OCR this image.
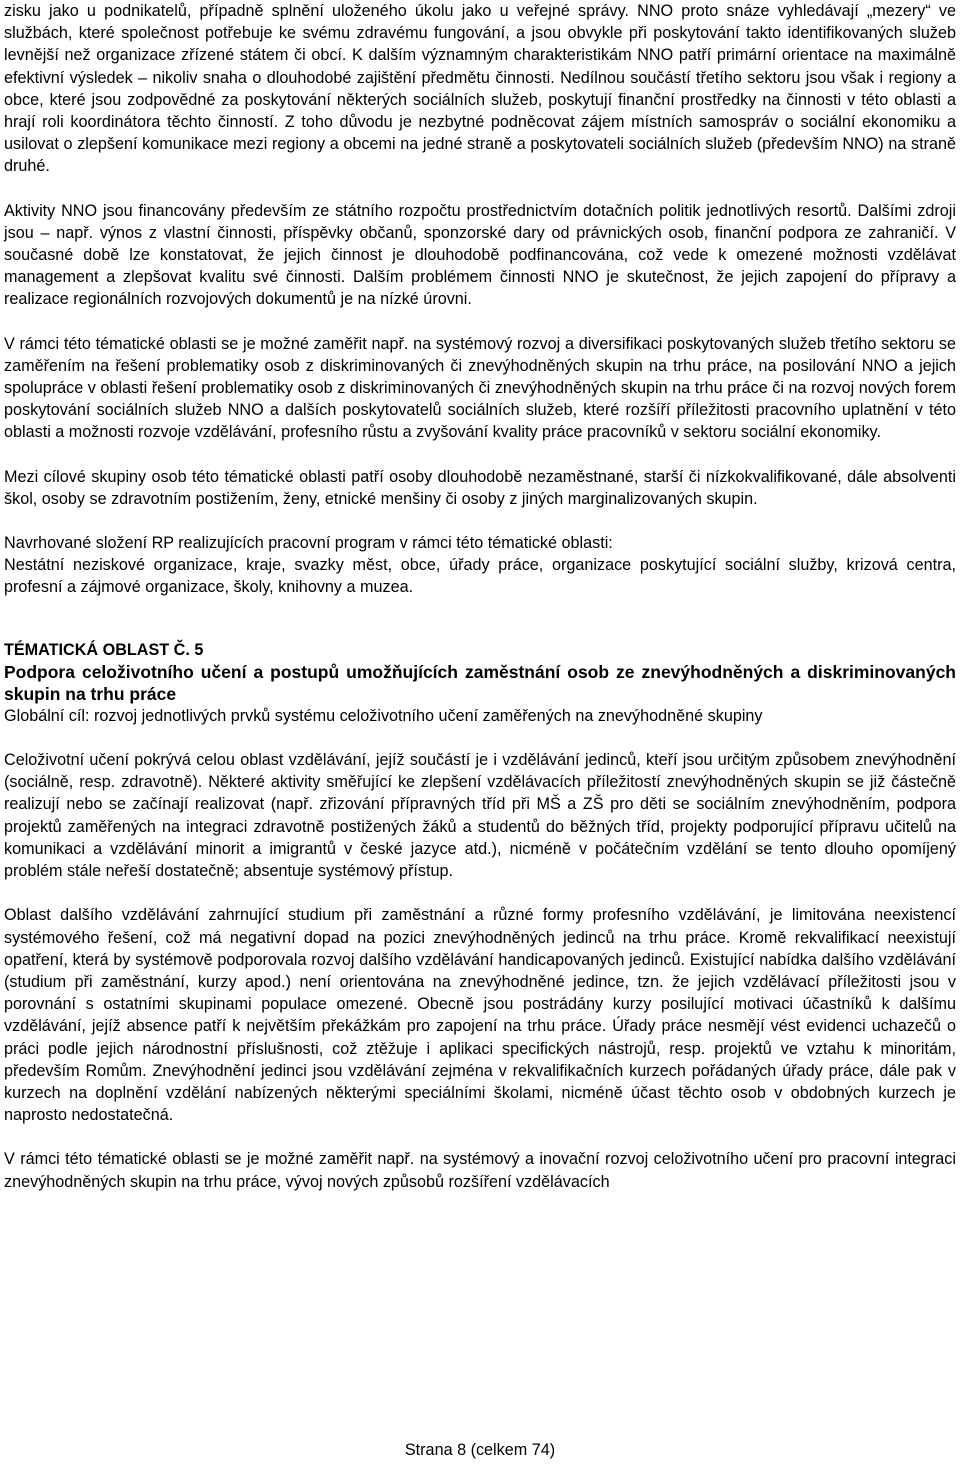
zisku jako u podnikatelů, případně splnění uloženého úkolu jako u veřejné správy. NNO proto snáze vyhledávají „mezery“ ve službách, které společnost potřebuje ke svému zdravému fungování, a jsou obvykle při poskytování takto identifikovaných služeb levnější než organizace zřízené státem či obcí. K dalším významným charakteristikám NNO patří primární orientace na maximálně efektivní výsledek – nikoliv snaha o dlouhodobé zajištění předmětu činnosti. Nedílnou součástí třetího sektoru jsou však i regiony a obce, které jsou zodpovědné za poskytování některých sociálních služeb, poskytují finanční prostředky na činnosti v této oblasti a hrají roli koordinátora těchto činností. Z toho důvodu je nezbytné podněcovat zájem místních samospráv o sociální ekonomiku a usilovat o zlepšení komunikace mezi regiony a obcemi na jedné straně a poskytovateli sociálních služeb (především NNO) na straně druhé.

Aktivity NNO jsou financovány především ze státního rozpočtu prostřednictvím dotačních politik jednotlivých resortů. Dalšími zdroji jsou – např. výnos z vlastní činnosti, příspěvky občanů, sponzorské dary od právnických osob, finanční podpora ze zahraničí. V současné době lze konstatovat, že jejich činnost je dlouhodobě podfinancována, což vede k omezené možnosti vzdělávat management a zlepšovat kvalitu své činnosti. Dalším problémem činnosti NNO je skutečnost, že jejich zapojení do přípravy a realizace regionálních rozvojových dokumentů je na nízké úrovni.

V rámci této tématické oblasti se je možné zaměřit např. na systémový rozvoj a diversifikaci poskytovaných služeb třetího sektoru se zaměřením na řešení problematiky osob z diskriminovaných či znevýhodněných skupin na trhu práce, na posilování NNO a jejich spolupráce v oblasti řešení problematiky osob z diskriminovaných či znevýhodněných skupin na trhu práce či na rozvoj nových forem poskytování sociálních služeb NNO a dalších poskytovatelů sociálních služeb, které rozšíří příležitosti pracovního uplatnění v této oblasti a možnosti rozvoje vzdělávání, profesního růstu a zvyšování kvality práce pracovníků v sektoru sociální ekonomiky.

Mezi cílové skupiny osob této tématické oblasti patří osoby dlouhodobě nezaměstnané, starší či nízkokvalifikované, dále absolventi škol, osoby se zdravotním postižením, ženy, etnické menšiny či osoby z jiných marginalizovaných skupin.

Navrhované složení RP realizujících pracovní program v rámci této tématické oblasti:

Nestátní neziskové organizace, kraje, svazky měst, obce, úřady práce, organizace poskytující sociální služby, krizová centra, profesní a zájmové organizace, školy, knihovny a muzea.

TÉMATICKÁ OBLAST Č. 5

Podpora celoživotního učení a postupů umožňujících zaměstnání osob ze znevýhodněných a diskriminovaných skupin na trhu práce

Globální cíl: rozvoj jednotlivých prvků systému celoživotního učení zaměřených na znevýhodněné skupiny

Celoživotní učení pokrývá celou oblast vzdělávání, jejíž součástí je i vzdělávání jedinců, kteří jsou určitým způsobem znevýhodnění (sociálně, resp. zdravotně). Některé aktivity směřující ke zlepšení vzdělávacích příležitostí znevýhodněných skupin se již částečně realizují nebo se začínají realizovat (např. zřizování přípravných tříd při MŠ a ZŠ pro děti se sociálním znevýhodněním, podpora projektů zaměřených na integraci zdravotně postižených žáků a studentů do běžných tříd, projekty podporující přípravu učitelů na komunikaci a vzdělávání minorit a imigrantů v české jazyce atd.), nicméně v počátečním vzdělání se tento dlouho opomíjený problém stále neřeší dostatečně; absentuje systémový přístup.

Oblast dalšího vzdělávání zahrnující studium při zaměstnání a různé formy profesního vzdělávání, je limitována neexistencí systémového řešení, což má negativní dopad na pozici znevýhodněných jedinců na trhu práce. Kromě rekvalifikací neexistují opatření, která by systémově podporovala rozvoj dalšího vzdělávání handicapovaných jedinců. Existující nabídka dalšího vzdělávání (studium při zaměstnání, kurzy apod.) není orientována na znevýhodněné jedince, tzn. že jejich vzdělávací příležitosti jsou v porovnání s ostatními skupinami populace omezené. Obecně jsou postrádány kurzy posilující motivaci účastníků k dalšímu vzdělávání, jejíž absence patří k největším překážkám pro zapojení na trhu práce. Úřady práce nesmějí vést evidenci uchazečů o práci podle jejich národnostní příslušnosti, což ztěžuje i aplikaci specifických nástrojů, resp. projektů ve vztahu k minoritám, především Romům. Znevýhodnění jedinci jsou vzdělávání zejména v rekvalifikačních kurzech pořádaných úřady práce, dále pak v kurzech na doplnění vzdělání nabízených některými speciálními školami, nicméně účast těchto osob v obdobných kurzech je naprosto nedostatečná.

V rámci této tématické oblasti se je možné zaměřit např. na systémový a inovační rozvoj celoživotního učení pro pracovní integraci znevýhodněných skupin na trhu práce, vývoj nových způsobů rozšíření vzdělávacích

Strana 8 (celkem 74)
